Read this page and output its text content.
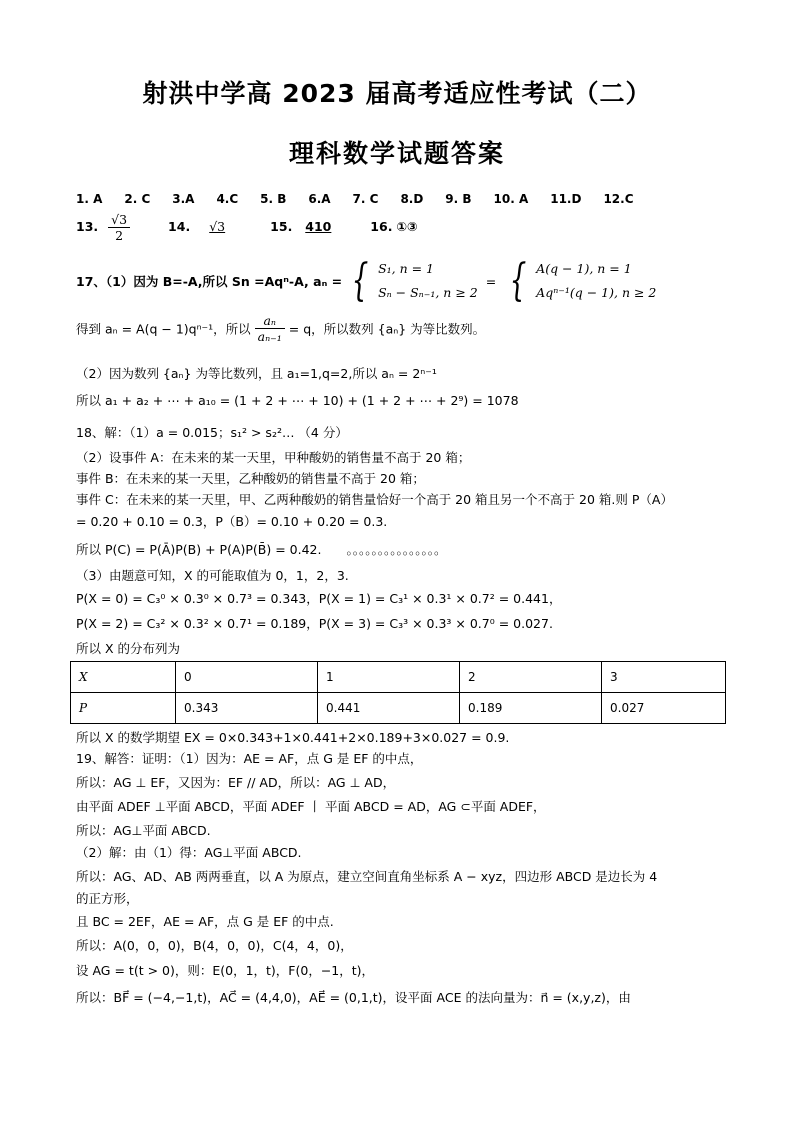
射洪中学高 2023 届高考适应性考试（二）
理科数学试题答案
1. A 2. C 3.A 4.C 5. B 6.A 7. C 8.D 9. B 10. A 11.D 12.C
13. $\frac{√3}{2}$	14. √3	15. 410	16. ①③
17、（1）因为 B=-A,所以 Sn =Aqⁿ-A, aₙ = { S₁, n = 1
Sₙ − Sₙ₋₁, n ≥ 2
= { A(q − 1), n = 1
Aqⁿ⁻¹(q − 1), n ≥ 2
得到 aₙ = A(q − 1)qⁿ⁻¹，所以 $\frac{\text{aₙ}}{\text{aₙ₋₁}} = q$，所以数列 {aₙ} 为等比数列。
（2）因为数列 {aₙ} 为等比数列，且 a₁=1,q=2,所以 aₙ = 2ⁿ⁻¹
所以 a₁ + a₂ + ⋯ + a₁₀ = (1 + 2 + ⋯ + 10) + (1 + 2 + ⋯ + 2⁹) = 1078
18、解：（1）a = 0.015；s₁² > s₂²… （4 分）
（2）设事件 A：在未来的某一天里，甲种酸奶的销售量不高于 20 箱；
事件 B：在未来的某一天里，乙种酸奶的销售量不高于 20 箱；
事件 C：在未来的某一天里，甲、乙两种酸奶的销售量恰好一个高于 20 箱且另一个不高于 20 箱.则 P（A）
= 0.20 + 0.10 = 0.3，P（B）= 0.10 + 0.20 = 0.3.
所以 P(C) = P(Ā)P(B) + P(A)P(B̄) = 0.42.　　。。。。。。。。。。。。。。。
（3）由题意可知，X 的可能取值为 0，1，2，3.
P(X = 0) = C₃⁰ × 0.3⁰ × 0.7³ = 0.343，P(X = 1) = C₃¹ × 0.3¹ × 0.7² = 0.441，
P(X = 2) = C₃² × 0.3² × 0.7¹ = 0.189，P(X = 3) = C₃³ × 0.3³ × 0.7⁰ = 0.027.
所以 X 的分布列为
X	0	1	2	3
P	0.343	0.441	0.189	0.027
所以 X 的数学期望 EX = 0×0.343+1×0.441+2×0.189+3×0.027 = 0.9.
19、解答：证明：（1）因为：AE = AF，点 G 是 EF 的中点，
所以：AG ⊥ EF，又因为：EF // AD，所以：AG ⊥ AD，
由平面 ADEF ⊥平面 ABCD，平面 ADEF 丨 平面 ABCD = AD，AG ⊂平面 ADEF，
所以：AG⊥平面 ABCD.
（2）解：由（1）得：AG⊥平面 ABCD.
所以：AG、AD、AB 两两垂直，以 A 为原点，建立空间直角坐标系 A − xyz，四边形 ABCD 是边长为 4
的正方形，
且 BC = 2EF，AE = AF，点 G 是 EF 的中点.
所以：A(0，0，0)，B(4，0，0)，C(4，4，0)，
设 AG = t(t > 0)，则：E(0，1，t)，F(0，−1，t)，
所以：BF⃗ = (−4,−1,t)，AC⃗ = (4,4,0)，AE⃗ = (0,1,t)，设平面 ACE 的法向量为：n⃗ = (x,y,z)，由
